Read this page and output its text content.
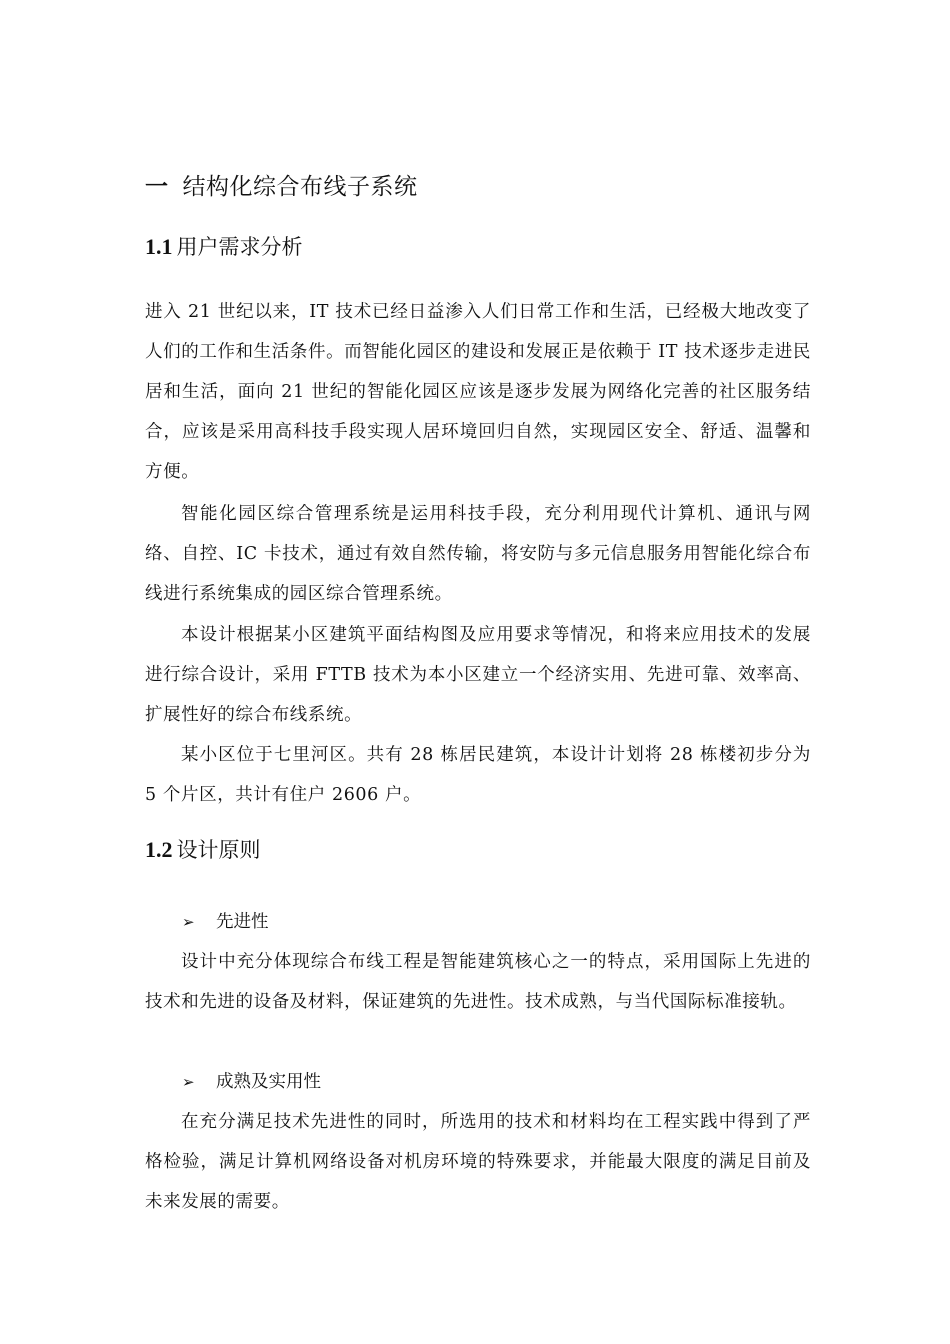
一 结构化综合布线子系统
1.1 用户需求分析

进入 21 世纪以来，IT 技术已经日益渗入人们日常工作和生活，已经极大地改变了人们的工作和生活条件。而智能化园区的建设和发展正是依赖于 IT 技术逐步走进民居和生活，面向 21 世纪的智能化园区应该是逐步发展为网络化完善的社区服务结合，应该是采用高科技手段实现人居环境回归自然，实现园区安全、舒适、温馨和方便。

智能化园区综合管理系统是运用科技手段，充分利用现代计算机、通讯与网络、自控、IC 卡技术，通过有效自然传输，将安防与多元信息服务用智能化综合布线进行系统集成的园区综合管理系统。

本设计根据某小区建筑平面结构图及应用要求等情况，和将来应用技术的发展进行综合设计，采用 FTTB 技术为本小区建立一个经济实用、先进可靠、效率高、扩展性好的综合布线系统。

某小区位于七里河区。共有 28 栋居民建筑，本设计计划将 28 栋楼初步分为 5 个片区，共计有住户 2606 户。

1.2 设计原则

➢ 先进性

设计中充分体现综合布线工程是智能建筑核心之一的特点，采用国际上先进的技术和先进的设备及材料，保证建筑的先进性。技术成熟，与当代国际标准接轨。

➢ 成熟及实用性

在充分满足技术先进性的同时，所选用的技术和材料均在工程实践中得到了严格检验，满足计算机网络设备对机房环境的特殊要求，并能最大限度的满足目前及未来发展的需要。
